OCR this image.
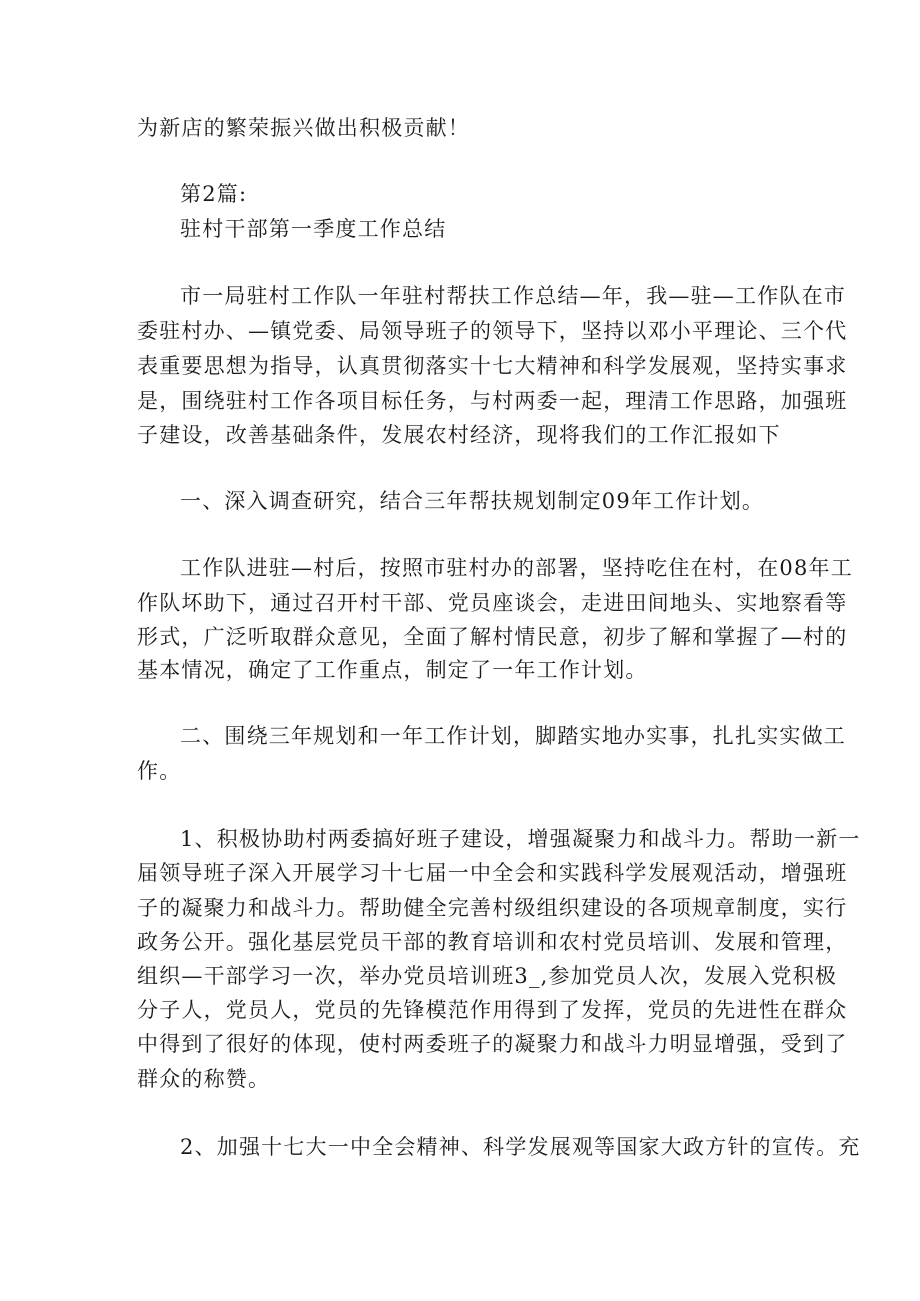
为新店的繁荣振兴做出积极贡献！
第2篇:
驻村干部第一季度工作总结
市一局驻村工作队一年驻村帮扶工作总结—年，我—驻—工作队在市
委驻村办、—镇党委、局领导班子的领导下，坚持以邓小平理论、三个代
表重要思想为指导，认真贯彻落实十七大精神和科学发展观，坚持实事求
是，围绕驻村工作各项目标任务，与村两委一起，理清工作思路，加强班
子建设，改善基础条件，发展农村经济，现将我们的工作汇报如下
一、深入调查研究，结合三年帮扶规划制定09年工作计划。
工作队进驻—村后，按照市驻村办的部署，坚持吃住在村，在08年工
作队坏助下，通过召开村干部、党员座谈会，走进田间地头、实地察看等
形式，广泛听取群众意见，全面了解村情民意，初步了解和掌握了—村的
基本情况，确定了工作重点，制定了一年工作计划。
二、围绕三年规划和一年工作计划，脚踏实地办实事，扎扎实实做工
作。
1、积极协助村两委搞好班子建设，增强凝聚力和战斗力。帮助一新一
届领导班子深入开展学习十七届一中全会和实践科学发展观活动，增强班
子的凝聚力和战斗力。帮助健全完善村级组织建设的各项规章制度，实行
政务公开。强化基层党员干部的教育培训和农村党员培训、发展和管理，
组织—干部学习一次，举办党员培训班3_,参加党员人次，发展入党积极
分子人，党员人，党员的先锋模范作用得到了发挥，党员的先进性在群众
中得到了很好的体现，使村两委班子的凝聚力和战斗力明显增强，受到了
群众的称赞。
2、加强十七大一中全会精神、科学发展观等国家大政方针的宣传。充
